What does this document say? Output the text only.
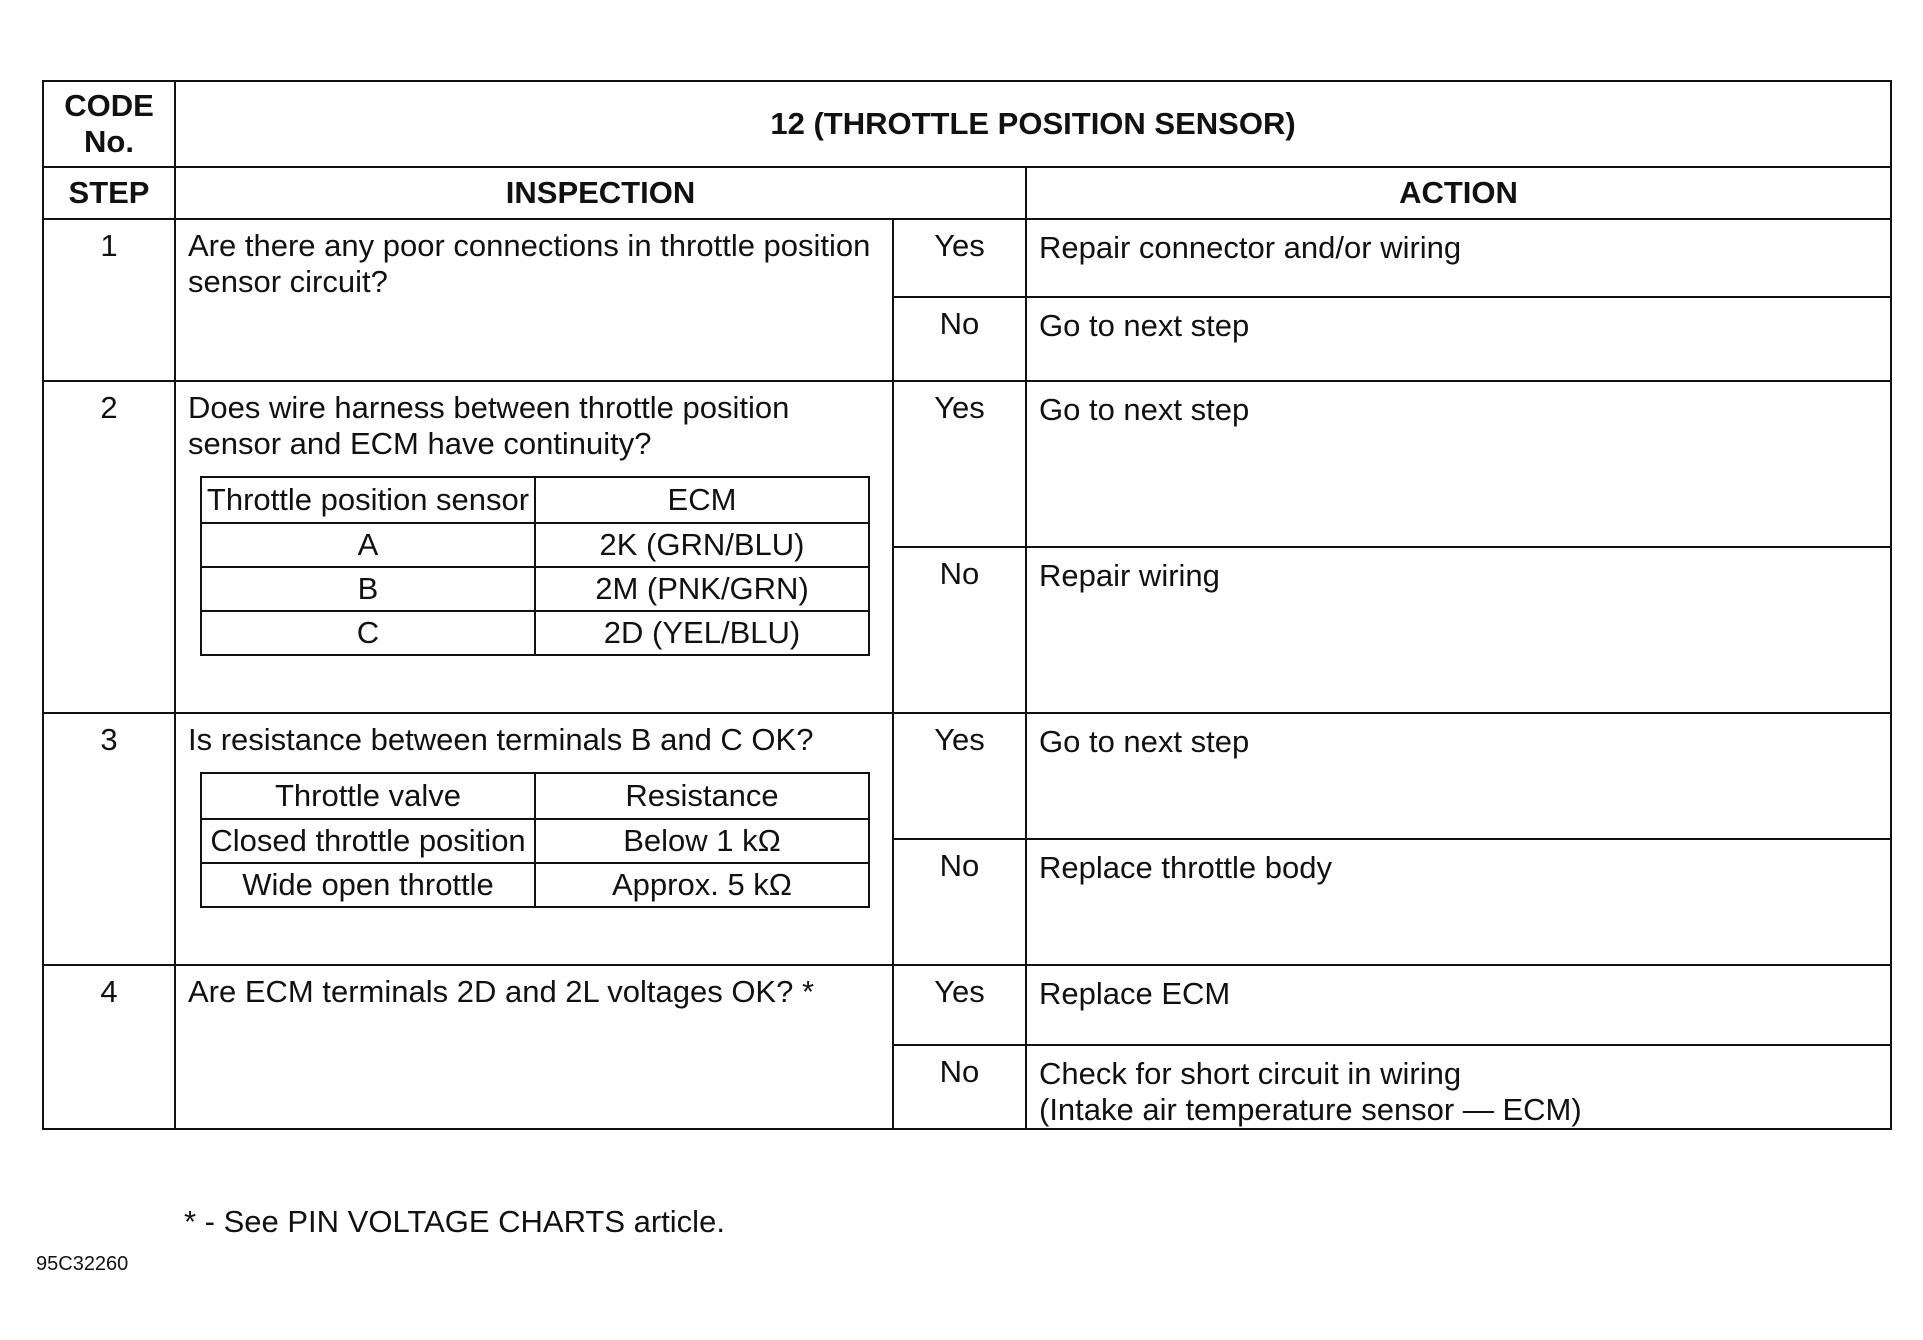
CODE No.	12 (THROTTLE POSITION SENSOR)
STEP	INSPECTION	ACTION
1	Are there any poor connections in throttle position sensor circuit?	Yes	Repair connector and/or wiring
No	Go to next step
2	Does wire harness between throttle position sensor and ECM have continuity?
Throttle position sensor	ECM
A	2K (GRN/BLU)
B	2M (PNK/GRN)
C	2D (YEL/BLU)
	Yes	Go to next step
No	Repair wiring
3	Is resistance between terminals B and C OK?
Throttle valve	Resistance
Closed throttle position	Below 1 kΩ
Wide open throttle	Approx. 5 kΩ
	Yes	Go to next step
No	Replace throttle body
4	Are ECM terminals 2D and 2L voltages OK? *	Yes	Replace ECM
No	Check for short circuit in wiring
(Intake air temperature sensor — ECM)
* - See PIN VOLTAGE CHARTS article.
95C32260
